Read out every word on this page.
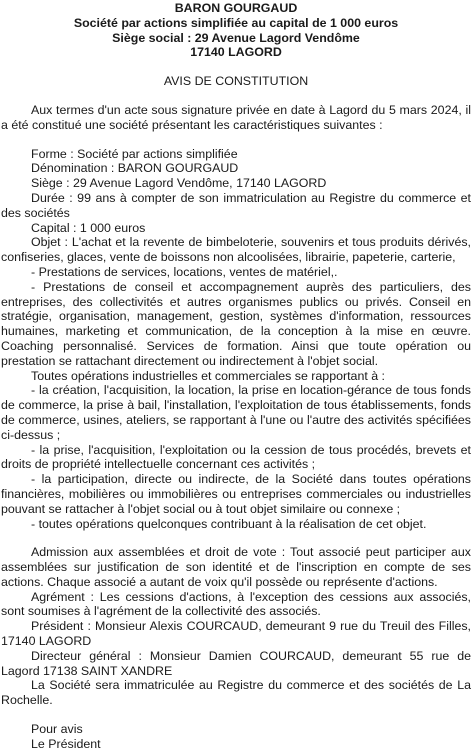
BARON GOURGAUD

Société par actions simplifiée au capital de 1 000 euros

Siège social : 29 Avenue Lagord Vendôme

17140 LAGORD

AVIS DE CONSTITUTION

Aux termes d'un acte sous signature privée en date à Lagord du 5 mars 2024, il a été constitué une société présentant les caractéristiques suivantes :

Forme : Société par actions simplifiée

Dénomination : BARON GOURGAUD

Siège : 29 Avenue Lagord Vendôme, 17140 LAGORD

Durée : 99 ans à compter de son immatriculation au Registre du commerce et des sociétés

Capital : 1 000 euros

Objet : L'achat et la revente de bimbeloterie, souvenirs et tous produits dérivés, confiseries, glaces, vente de boissons non alcoolisées, librairie, papeterie, carterie,

- Prestations de services, locations, ventes de matériel,.

- Prestations de conseil et accompagnement auprès des particuliers, des entreprises, des collectivités et autres organismes publics ou privés. Conseil en stratégie, organisation, management, gestion, systèmes d'information, ressources humaines, marketing et communication, de la conception à la mise en œuvre. Coaching personnalisé. Services de formation. Ainsi que toute opération ou prestation se rattachant directement ou indirectement à l'objet social.

Toutes opérations industrielles et commerciales se rapportant à :

- la création, l'acquisition, la location, la prise en location-gérance de tous fonds de commerce, la prise à bail, l'installation, l'exploitation de tous établissements, fonds de commerce, usines, ateliers, se rapportant à l'une ou l'autre des activités spécifiées ci-dessus ;

- la prise, l'acquisition, l'exploitation ou la cession de tous procédés, brevets et droits de propriété intellectuelle concernant ces activités ;

- la participation, directe ou indirecte, de la Société dans toutes opérations financières, mobilières ou immobilières ou entreprises commerciales ou industrielles pouvant se rattacher à l'objet social ou à tout objet similaire ou connexe ;

- toutes opérations quelconques contribuant à la réalisation de cet objet.

Admission aux assemblées et droit de vote : Tout associé peut participer aux assemblées sur justification de son identité et de l'inscription en compte de ses actions. Chaque associé a autant de voix qu'il possède ou représente d'actions.

Agrément : Les cessions d'actions, à l'exception des cessions aux associés, sont soumises à l'agrément de la collectivité des associés.

Président : Monsieur Alexis COURCAUD, demeurant 9 rue du Treuil des Filles, 17140 LAGORD

Directeur général : Monsieur Damien COURCAUD, demeurant 55 rue de Lagord 17138 SAINT XANDRE

La Société sera immatriculée au Registre du commerce et des sociétés de La Rochelle.

Pour avis

Le Président
